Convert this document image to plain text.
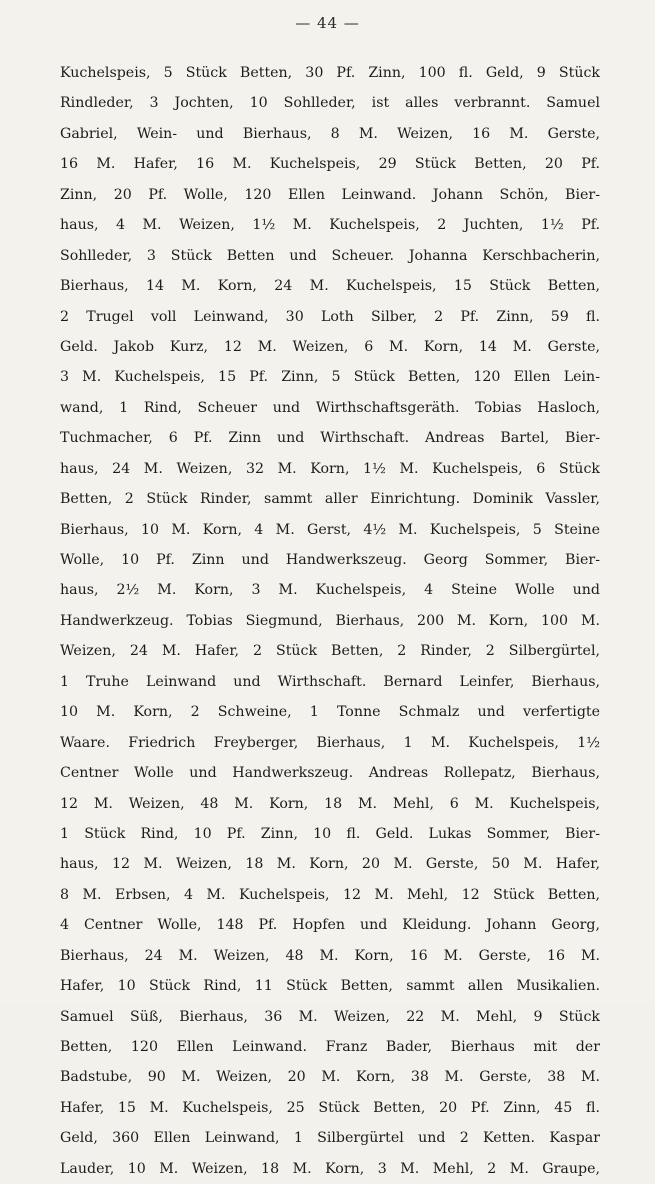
— 44 —
Kuchelspeis, 5 Stück Betten, 30 Pf. Zinn, 100 fl. Geld, 9 Stück
Rindleder, 3 Jochten, 10 Sohlleder, ist alles verbrannt. Samuel
Gabriel, Wein- und Bierhaus, 8 M. Weizen, 16 M. Gerste,
16 M. Hafer, 16 M. Kuchelspeis, 29 Stück Betten, 20 Pf.
Zinn, 20 Pf. Wolle, 120 Ellen Leinwand. Johann Schön, Bier-
haus, 4 M. Weizen, 1½ M. Kuchelspeis, 2 Juchten, 1½ Pf.
Sohlleder, 3 Stück Betten und Scheuer. Johanna Kerschbacherin,
Bierhaus, 14 M. Korn, 24 M. Kuchelspeis, 15 Stück Betten,
2 Trugel voll Leinwand, 30 Loth Silber, 2 Pf. Zinn, 59 fl.
Geld. Jakob Kurz, 12 M. Weizen, 6 M. Korn, 14 M. Gerste,
3 M. Kuchelspeis, 15 Pf. Zinn, 5 Stück Betten, 120 Ellen Lein-
wand, 1 Rind, Scheuer und Wirthschaftsgeräth. Tobias Hasloch,
Tuchmacher, 6 Pf. Zinn und Wirthschaft. Andreas Bartel, Bier-
haus, 24 M. Weizen, 32 M. Korn, 1½ M. Kuchelspeis, 6 Stück
Betten, 2 Stück Rinder, sammt aller Einrichtung. Dominik Vassler,
Bierhaus, 10 M. Korn, 4 M. Gerst, 4½ M. Kuchelspeis, 5 Steine
Wolle, 10 Pf. Zinn und Handwerkszeug. Georg Sommer, Bier-
haus, 2½ M. Korn, 3 M. Kuchelspeis, 4 Steine Wolle und
Handwerkzeug. Tobias Siegmund, Bierhaus, 200 M. Korn, 100 M.
Weizen, 24 M. Hafer, 2 Stück Betten, 2 Rinder, 2 Silbergürtel,
1 Truhe Leinwand und Wirthschaft. Bernard Leinfer, Bierhaus,
10 M. Korn, 2 Schweine, 1 Tonne Schmalz und verfertigte
Waare. Friedrich Freyberger, Bierhaus, 1 M. Kuchelspeis, 1½
Centner Wolle und Handwerkszeug. Andreas Rollepatz, Bierhaus,
12 M. Weizen, 48 M. Korn, 18 M. Mehl, 6 M. Kuchelspeis,
1 Stück Rind, 10 Pf. Zinn, 10 fl. Geld. Lukas Sommer, Bier-
haus, 12 M. Weizen, 18 M. Korn, 20 M. Gerste, 50 M. Hafer,
8 M. Erbsen, 4 M. Kuchelspeis, 12 M. Mehl, 12 Stück Betten,
4 Centner Wolle, 148 Pf. Hopfen und Kleidung. Johann Georg,
Bierhaus, 24 M. Weizen, 48 M. Korn, 16 M. Gerste, 16 M.
Hafer, 10 Stück Rind, 11 Stück Betten, sammt allen Musikalien.
Samuel Süß, Bierhaus, 36 M. Weizen, 22 M. Mehl, 9 Stück
Betten, 120 Ellen Leinwand. Franz Bader, Bierhaus mit der
Badstube, 90 M. Weizen, 20 M. Korn, 38 M. Gerste, 38 M.
Hafer, 15 M. Kuchelspeis, 25 Stück Betten, 20 Pf. Zinn, 45 fl.
Geld, 360 Ellen Leinwand, 1 Silbergürtel und 2 Ketten. Kaspar
Lauder, 10 M. Weizen, 18 M. Korn, 3 M. Mehl, 2 M. Graupe,
